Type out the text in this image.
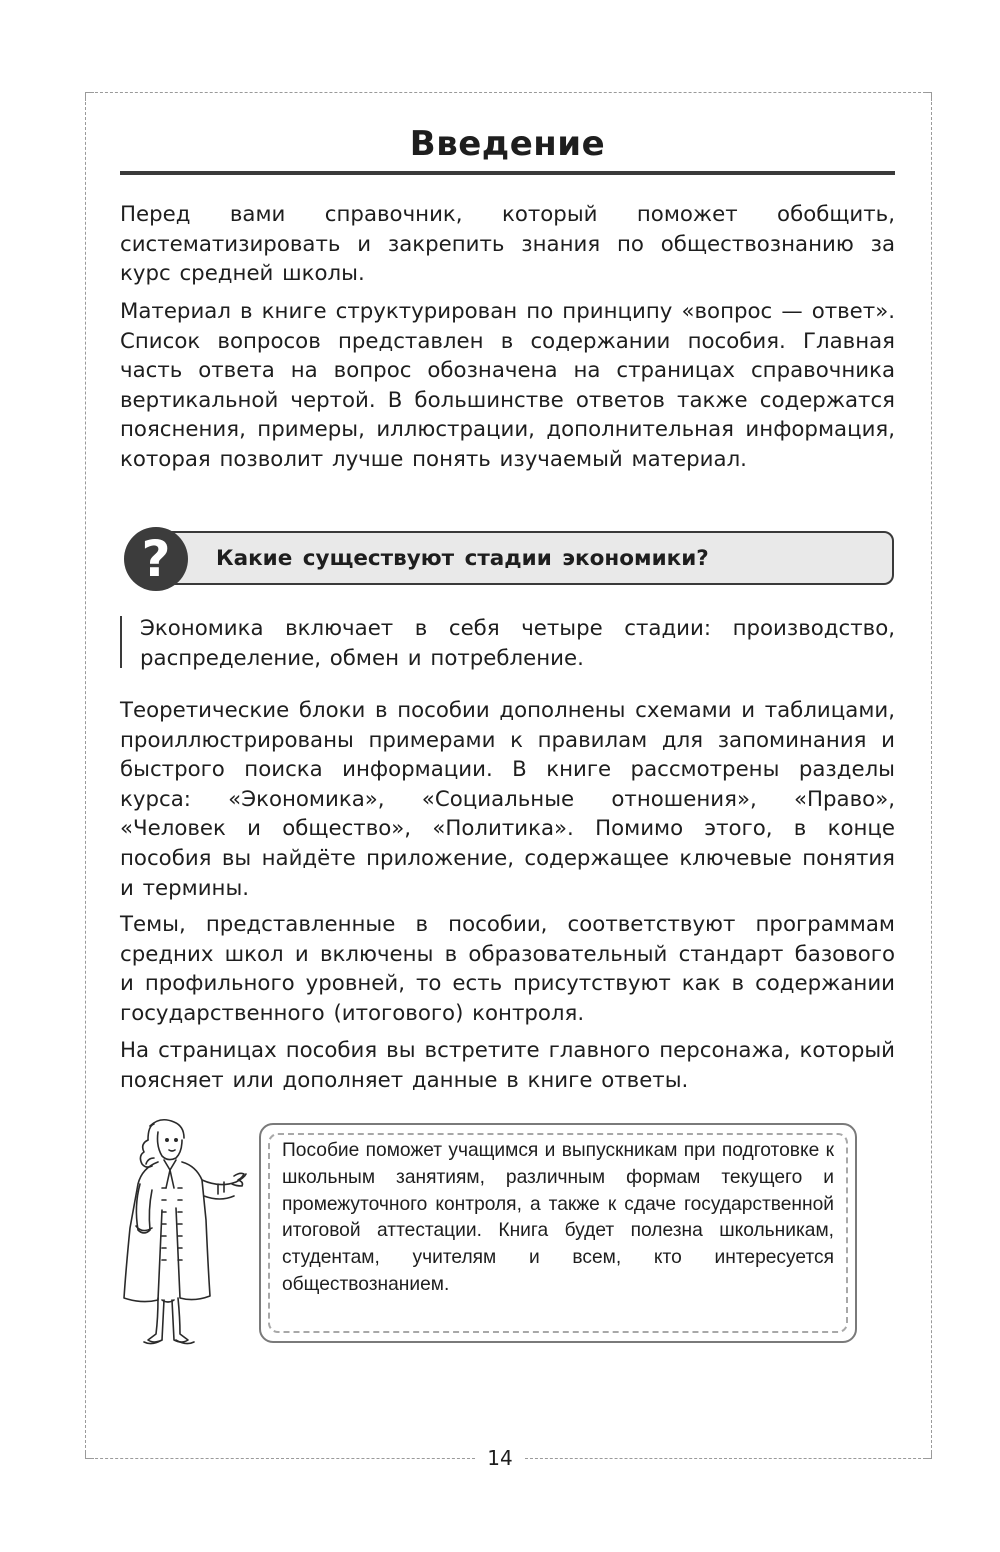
Введение

Перед вами справочник, который поможет обобщить, систематизировать и закрепить знания по обществознанию за курс средней школы.

Материал в книге структурирован по принципу «вопрос — ответ». Список вопросов представлен в содержании пособия. Главная часть ответа на вопрос обозначена на страницах справочника вертикальной чертой. В большинстве ответов также содержатся пояснения, примеры, иллюстрации, дополнительная информация, которая позволит лучше понять изучаемый материал.

?	Какие существуют стадии экономики?

Экономика включает в себя четыре стадии: производство, распределение, обмен и потребление.

Теоретические блоки в пособии дополнены схемами и таблицами, проиллюстрированы примерами к правилам для запоминания и быстрого поиска информации. В книге рассмотрены разделы курса: «Экономика», «Социальные отношения», «Право», «Человек и общество», «Политика». Помимо этого, в конце пособия вы найдёте приложение, содержащее ключевые понятия и термины.

Темы, представленные в пособии, соответствуют программам средних школ и включены в образовательный стандарт базового и профильного уровней, то есть присутствуют как в содержании государственного (итогового) контроля.

На страницах пособия вы встретите главного персонажа, который поясняет или дополняет данные в книге ответы.

Пособие поможет учащимся и выпускникам при подготовке к школьным занятиям, различным формам текущего и промежуточного контроля, а также к сдаче государственной итоговой аттестации. Книга будет полезна школьникам, студентам, учителям и всем, кто интересуется обществознанием.

14
